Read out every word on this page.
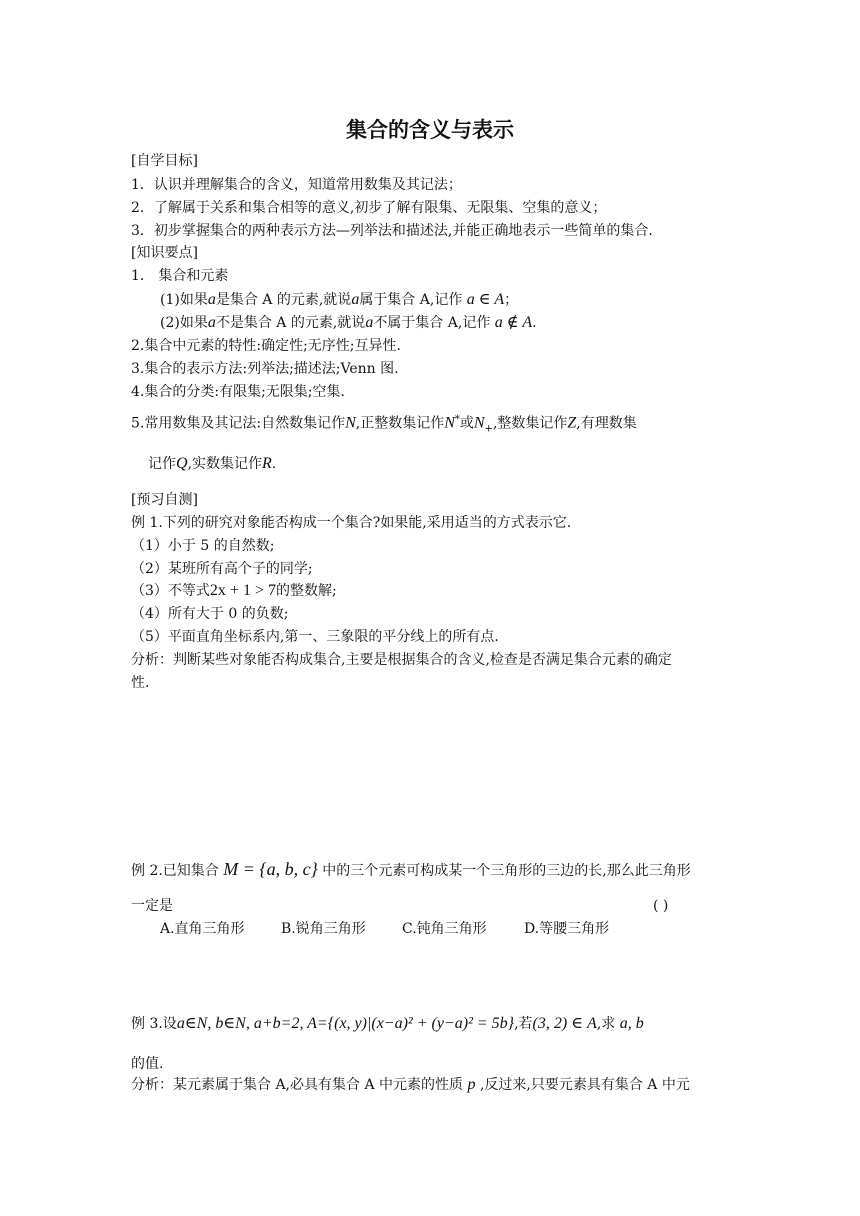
集合的含义与表示
[自学目标]
1．认识并理解集合的含义，知道常用数集及其记法；
2．了解属于关系和集合相等的意义,初步了解有限集、无限集、空集的意义；
3．初步掌握集合的两种表示方法—列举法和描述法,并能正确地表示一些简单的集合.
[知识要点]
1． 集合和元素
(1)如果a是集合 A 的元素,就说a属于集合 A,记作 a ∈ A；
(2)如果a不是集合 A 的元素,就说a不属于集合 A,记作 a ∉ A.
2.集合中元素的特性:确定性;无序性;互异性.
3.集合的表示方法:列举法;描述法;Venn 图.
4.集合的分类:有限集;无限集;空集.
5.常用数集及其记法:自然数集记作N,正整数集记作N*或$N_+$,整数集记作Z,有理数集
记作Q,实数集记作R.
[预习自测]
例 1.下列的研究对象能否构成一个集合?如果能,采用适当的方式表示它.
（1）小于 5 的自然数;
（2）某班所有高个子的同学;
（3）不等式2x + 1 > 7的整数解;
（4）所有大于 0 的负数;
（5）平面直角坐标系内,第一、三象限的平分线上的所有点.
分析：判断某些对象能否构成集合,主要是根据集合的含义,检查是否满足集合元素的确定
性.
例 2.已知集合 M = {a, b, c} 中的三个元素可构成某一个三角形的三边的长,那么此三角形
一定是	( )
A.直角三角形	B.锐角三角形	C.钝角三角形	D.等腰三角形
例 3.设a∈N, b∈N, a+b=2, A={(x, y)|(x−a)² + (y−a)² = 5b},若(3, 2) ∈ A,求 a, b
的值.
分析：某元素属于集合 A,必具有集合 A 中元素的性质 p ,反过来,只要元素具有集合 A 中元
